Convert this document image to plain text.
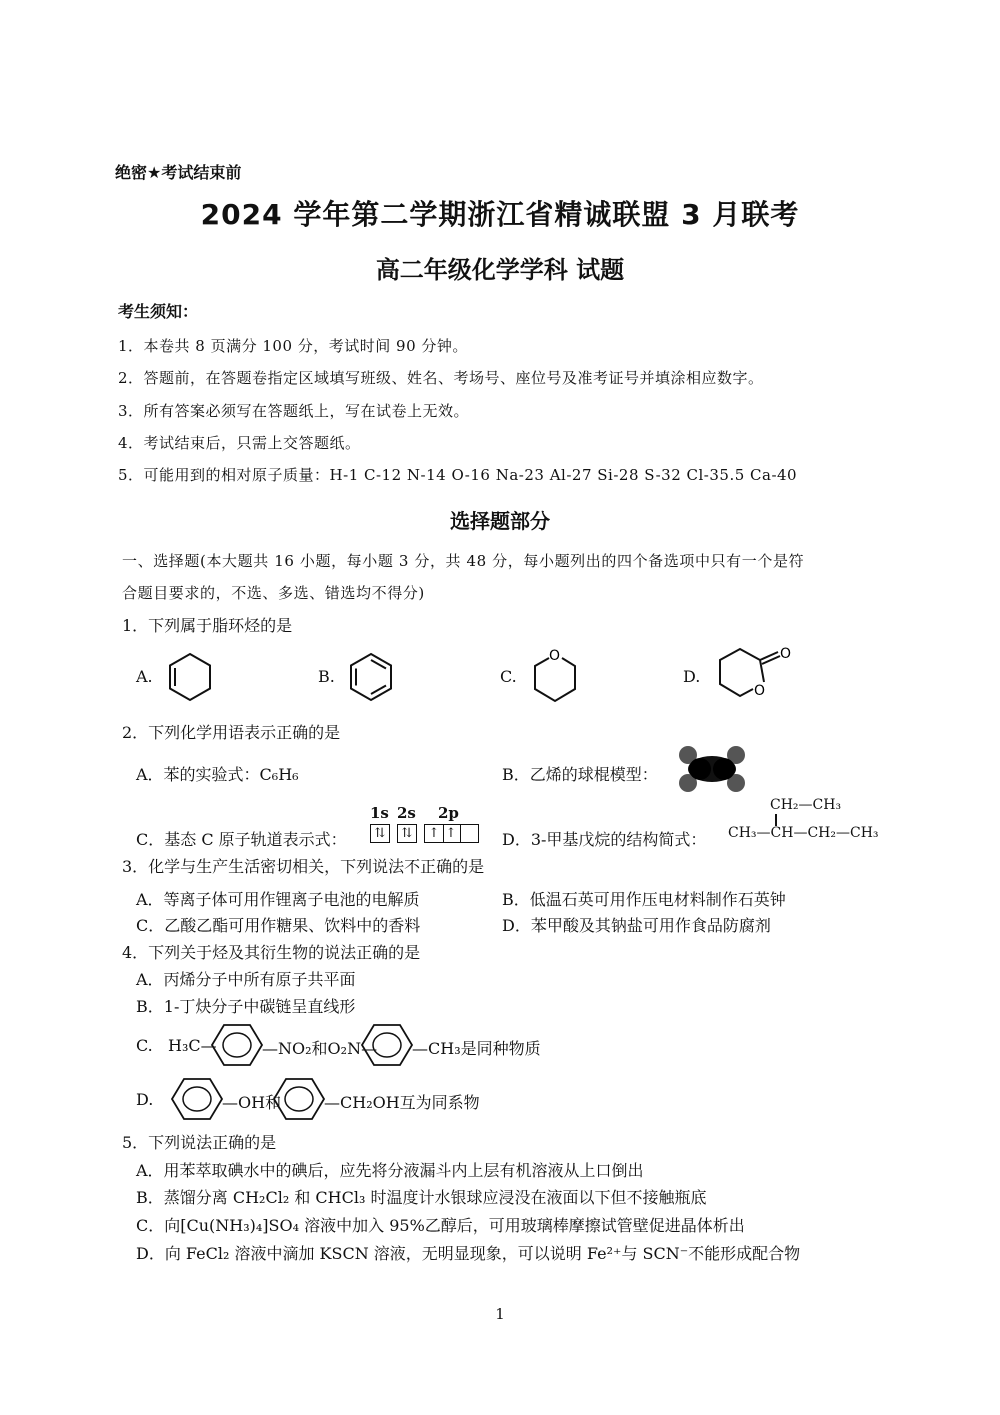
绝密★考试结束前
2024 学年第二学期浙江省精诚联盟 3 月联考
高二年级化学学科 试题
考生须知：
1．本卷共 8 页满分 100 分，考试时间 90 分钟。
2．答题前，在答题卷指定区域填写班级、姓名、考场号、座位号及准考证号并填涂相应数字。
3．所有答案必须写在答题纸上，写在试卷上无效。
4．考试结束后，只需上交答题纸。
5．可能用到的相对原子质量：H-1 C-12 N-14 O-16 Na-23 Al-27 Si-28 S-32 Cl-35.5 Ca-40
选择题部分
一、选择题(本大题共 16 小题，每小题 3 分，共 48 分，每小题列出的四个备选项中只有一个是符
合题目要求的，不选、多选、错选均不得分)
1．下列属于脂环烃的是
A.	B.	C.
O
D.
O
O
2．下列化学用语表示正确的是
A．苯的实验式：C₆H₆	B．乙烯的球棍模型：
C．基态 C 原子轨道表示式：
1s 2s 2p
⇅	⇅	↑ ↑	D．3-甲基戊烷的结构简式：
CH₂—CH₃
CH₃—CH—CH₂—CH₃
3．化学与生产生活密切相关，下列说法不正确的是
A．等离子体可用作锂离子电池的电解质	B．低温石英可用作压电材料制作石英钟
C．乙酸乙酯可用作糖果、饮料中的香料	D．苯甲酸及其钠盐可用作食品防腐剂
4．下列关于烃及其衍生物的说法正确的是
A．丙烯分子中所有原子共平面
B．1-丁炔分子中碳链呈直线形
C. H₃C—	—NO₂和O₂N— —CH₃是同种物质
D.	—OH和	—CH₂OH互为同系物
5．下列说法正确的是
A．用苯萃取碘水中的碘后，应先将分液漏斗内上层有机溶液从上口倒出
B．蒸馏分离 CH₂Cl₂ 和 CHCl₃ 时温度计水银球应浸没在液面以下但不接触瓶底
C．向[Cu(NH₃)₄]SO₄ 溶液中加入 95%乙醇后，可用玻璃棒摩擦试管壁促进晶体析出
D．向 FeCl₂ 溶液中滴加 KSCN 溶液，无明显现象，可以说明 Fe²⁺与 SCN⁻不能形成配合物
1
